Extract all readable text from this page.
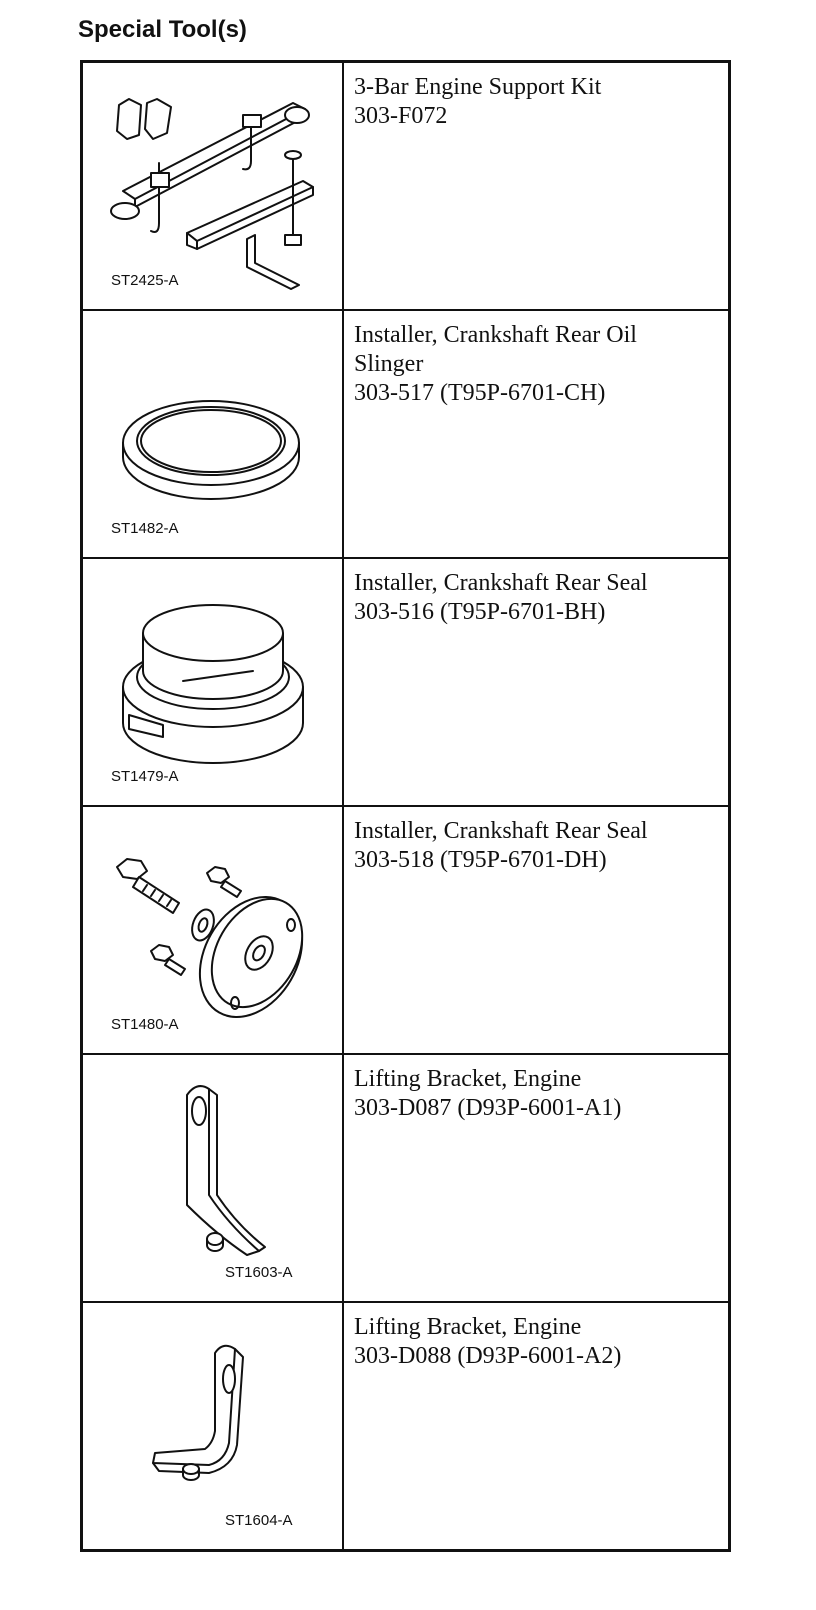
Special Tool(s)
ST2425-A	3-Bar Engine Support Kit
303-F072

ST1482-A	Installer, Crankshaft Rear Oil
Slinger
303-517 (T95P-6701-CH)

ST1479-A	Installer, Crankshaft Rear Seal
303-516 (T95P-6701-BH)

ST1480-A	Installer, Crankshaft Rear Seal
303-518 (T95P-6701-DH)

ST1603-A	Lifting Bracket, Engine
303-D087 (D93P-6001-A1)

ST1604-A	Lifting Bracket, Engine
303-D088 (D93P-6001-A2)
